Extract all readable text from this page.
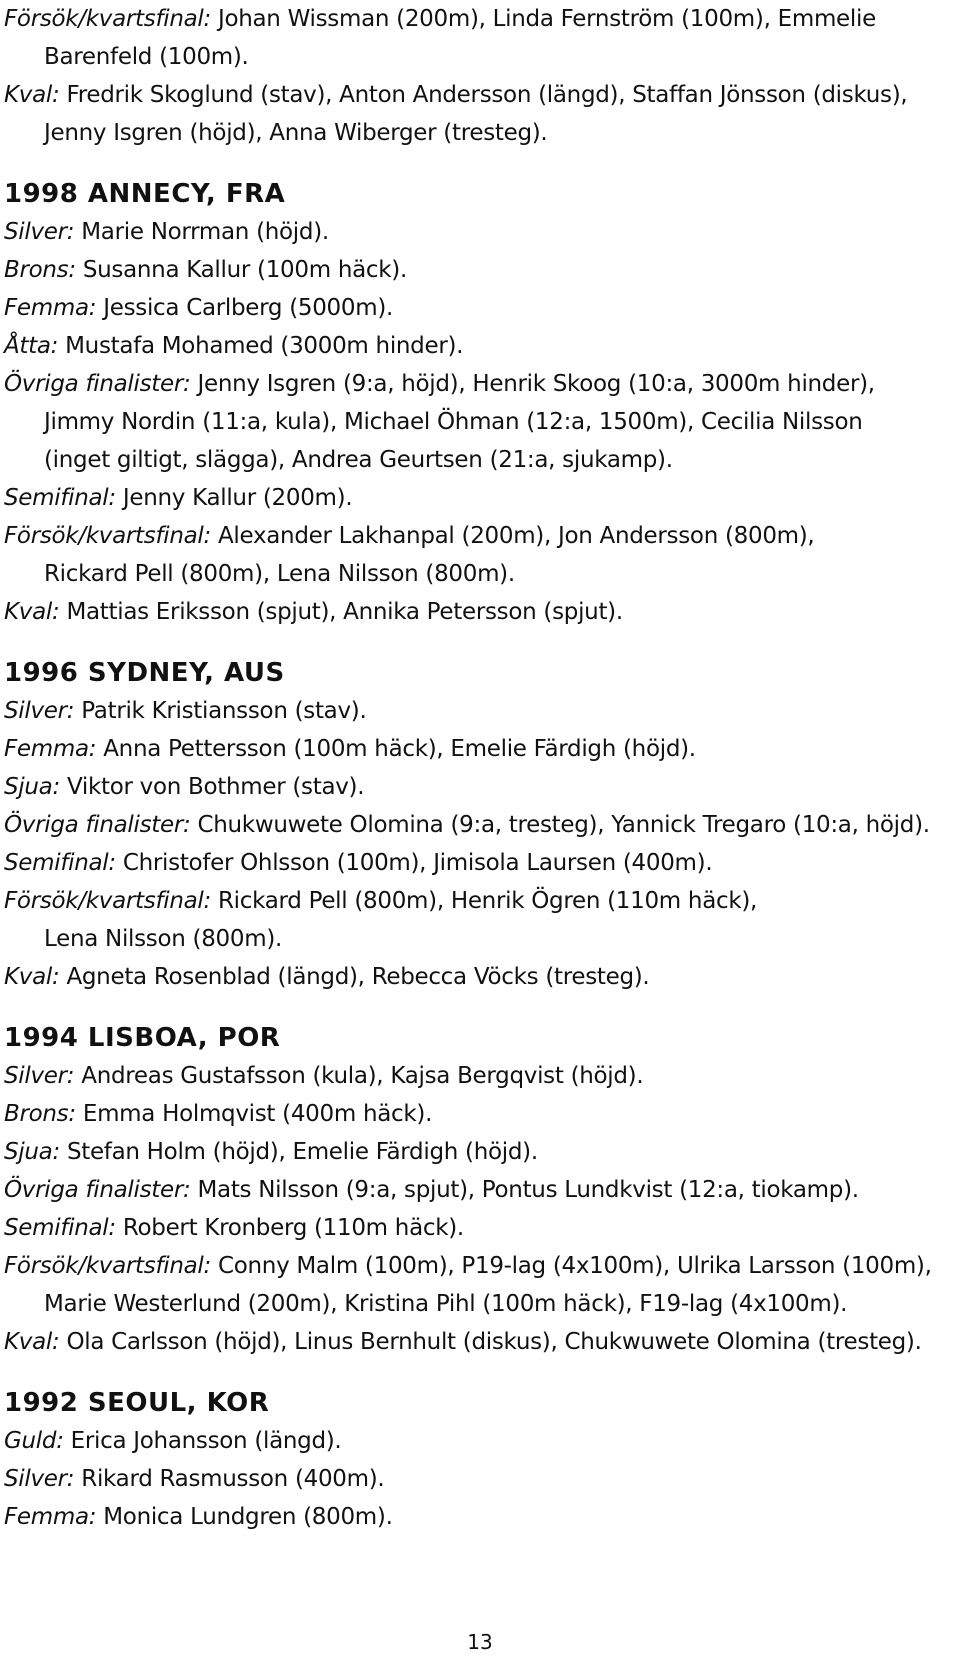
Försök/kvartsfinal: Johan Wissman (200m), Linda Fernström (100m), Emmelie
Barenfeld (100m).
Kval: Fredrik Skoglund (stav), Anton Andersson (längd), Staffan Jönsson (diskus),
Jenny Isgren (höjd), Anna Wiberger (tresteg).
1998 ANNECY, FRA
Silver: Marie Norrman (höjd).
Brons: Susanna Kallur (100m häck).
Femma: Jessica Carlberg (5000m).
Åtta: Mustafa Mohamed (3000m hinder).
Övriga finalister: Jenny Isgren (9:a, höjd), Henrik Skoog (10:a, 3000m hinder),
Jimmy Nordin (11:a, kula), Michael Öhman (12:a, 1500m), Cecilia Nilsson
(inget giltigt, slägga), Andrea Geurtsen (21:a, sjukamp).
Semifinal: Jenny Kallur (200m).
Försök/kvartsfinal: Alexander Lakhanpal (200m), Jon Andersson (800m),
Rickard Pell (800m), Lena Nilsson (800m).
Kval: Mattias Eriksson (spjut), Annika Petersson (spjut).
1996 SYDNEY, AUS
Silver: Patrik Kristiansson (stav).
Femma: Anna Pettersson (100m häck), Emelie Färdigh (höjd).
Sjua: Viktor von Bothmer (stav).
Övriga finalister: Chukwuwete Olomina (9:a, tresteg), Yannick Tregaro (10:a, höjd).
Semifinal: Christofer Ohlsson (100m), Jimisola Laursen (400m).
Försök/kvartsfinal: Rickard Pell (800m), Henrik Ögren (110m häck),
Lena Nilsson (800m).
Kval: Agneta Rosenblad (längd), Rebecca Vöcks (tresteg).
1994 LISBOA, POR
Silver: Andreas Gustafsson (kula), Kajsa Bergqvist (höjd).
Brons: Emma Holmqvist (400m häck).
Sjua: Stefan Holm (höjd), Emelie Färdigh (höjd).
Övriga finalister: Mats Nilsson (9:a, spjut), Pontus Lundkvist (12:a, tiokamp).
Semifinal: Robert Kronberg (110m häck).
Försök/kvartsfinal: Conny Malm (100m), P19-lag (4x100m), Ulrika Larsson (100m),
Marie Westerlund (200m), Kristina Pihl (100m häck), F19-lag (4x100m).
Kval: Ola Carlsson (höjd), Linus Bernhult (diskus), Chukwuwete Olomina (tresteg).
1992 SEOUL, KOR
Guld: Erica Johansson (längd).
Silver: Rikard Rasmusson (400m).
Femma: Monica Lundgren (800m).
13
